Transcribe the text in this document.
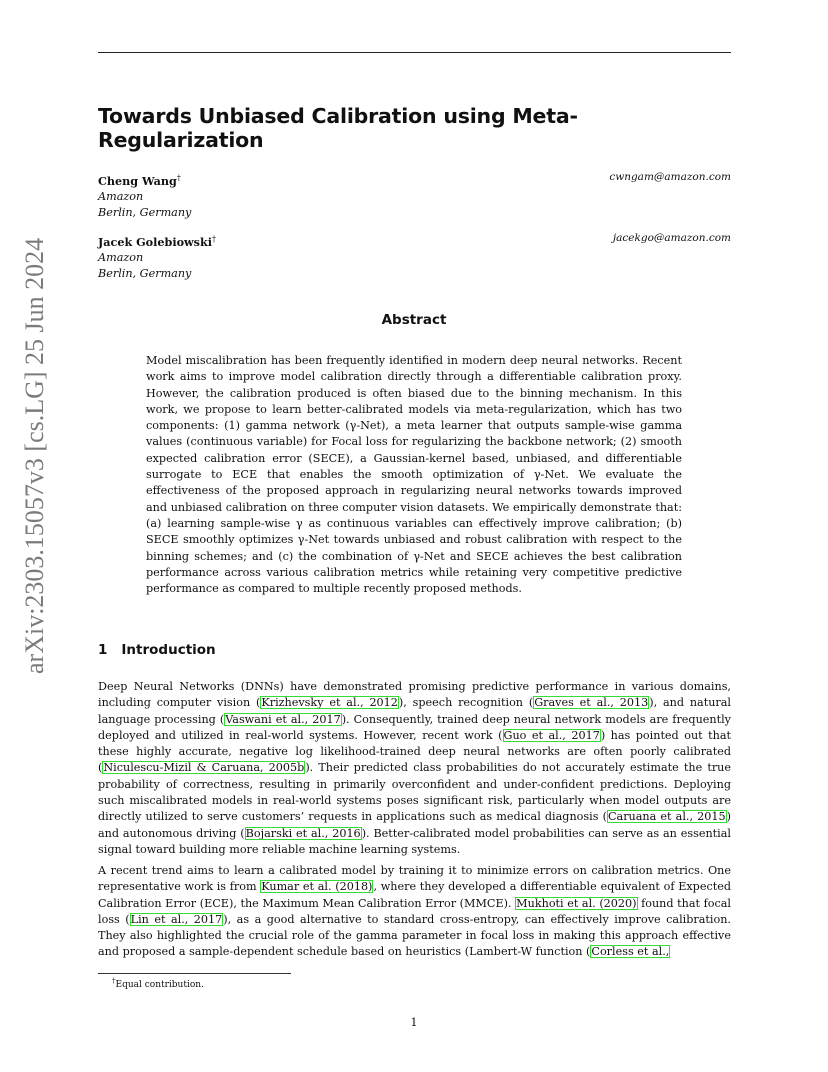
arXiv:2303.15057v3 [cs.LG] 25 Jun 2024
Towards Unbiased Calibration using Meta-Regularization
Cheng Wang†	cwngam@amazon.com
Amazon
Berlin, Germany
Jacek Golebiowski†	jacekgo@amazon.com
Amazon
Berlin, Germany
Abstract
Model miscalibration has been frequently identified in modern deep neural networks. Recent work aims to improve model calibration directly through a differentiable calibration proxy. However, the calibration produced is often biased due to the binning mechanism. In this work, we propose to learn better-calibrated models via meta-regularization, which has two components: (1) gamma network (γ-Net), a meta learner that outputs sample-wise gamma values (continuous variable) for Focal loss for regularizing the backbone network; (2) smooth expected calibration error (SECE), a Gaussian-kernel based, unbiased, and differentiable surrogate to ECE that enables the smooth optimization of γ-Net. We evaluate the effectiveness of the proposed approach in regularizing neural networks towards improved and unbiased calibration on three computer vision datasets. We empirically demonstrate that: (a) learning sample-wise γ as continuous variables can effectively improve calibration; (b) SECE smoothly optimizes γ-Net towards unbiased and robust calibration with respect to the binning schemes; and (c) the combination of γ-Net and SECE achieves the best calibration performance across various calibration metrics while retaining very competitive predictive performance as compared to multiple recently proposed methods.
1 Introduction
Deep Neural Networks (DNNs) have demonstrated promising predictive performance in various domains, including computer vision (Krizhevsky et al., 2012), speech recognition (Graves et al., 2013), and natural language processing (Vaswani et al., 2017). Consequently, trained deep neural network models are frequently deployed and utilized in real-world systems. However, recent work (Guo et al., 2017) has pointed out that these highly accurate, negative log likelihood-trained deep neural networks are often poorly calibrated (Niculescu-Mizil & Caruana, 2005b). Their predicted class probabilities do not accurately estimate the true probability of correctness, resulting in primarily overconfident and under-confident predictions. Deploying such miscalibrated models in real-world systems poses significant risk, particularly when model outputs are directly utilized to serve customers’ requests in applications such as medical diagnosis (Caruana et al., 2015) and autonomous driving (Bojarski et al., 2016). Better-calibrated model probabilities can serve as an essential signal toward building more reliable machine learning systems.
A recent trend aims to learn a calibrated model by training it to minimize errors on calibration metrics. One representative work is from Kumar et al. (2018), where they developed a differentiable equivalent of Expected Calibration Error (ECE), the Maximum Mean Calibration Error (MMCE). Mukhoti et al. (2020) found that focal loss (Lin et al., 2017), as a good alternative to standard cross-entropy, can effectively improve calibration. They also highlighted the crucial role of the gamma parameter in focal loss in making this approach effective and proposed a sample-dependent schedule based on heuristics (Lambert-W function (Corless et al.,
†Equal contribution.
1
